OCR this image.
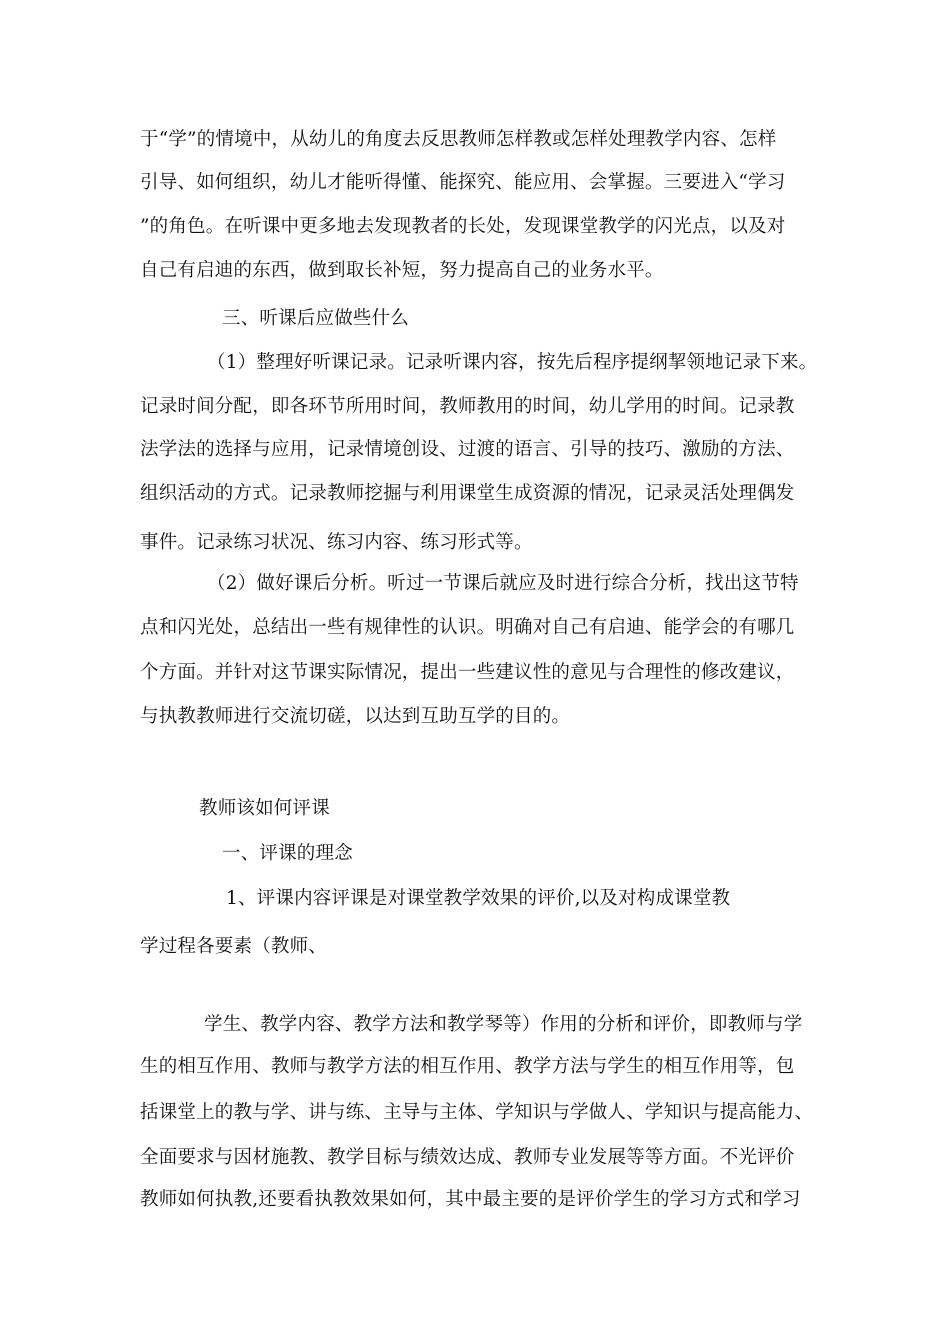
于“学”的情境中，从幼儿的角度去反思教师怎样教或怎样处理教学内容、怎样
引导、如何组织，幼儿才能听得懂、能探究、能应用、会掌握。三要进入“学习
”的角色。在听课中更多地去发现教者的长处，发现课堂教学的闪光点，以及对
自己有启迪的东西，做到取长补短，努力提高自己的业务水平。
三、听课后应做些什么
（1）整理好听课记录。记录听课内容，按先后程序提纲挈领地记录下来。
记录时间分配，即各环节所用时间，教师教用的时间，幼儿学用的时间。记录教
法学法的选择与应用，记录情境创设、过渡的语言、引导的技巧、激励的方法、
组织活动的方式。记录教师挖掘与利用课堂生成资源的情况，记录灵活处理偶发
事件。记录练习状况、练习内容、练习形式等。
（2）做好课后分析。听过一节课后就应及时进行综合分析，找出这节特
点和闪光处，总结出一些有规律性的认识。明确对自己有启迪、能学会的有哪几
个方面。并针对这节课实际情况，提出一些建议性的意见与合理性的修改建议，
与执教教师进行交流切磋，以达到互助互学的目的。
教师该如何评课
一、评课的理念
1、评课内容评课是对课堂教学效果的评价,以及对构成课堂教
学过程各要素（教师、
学生、教学内容、教学方法和教学琴等）作用的分析和评价，即教师与学
生的相互作用、教师与教学方法的相互作用、教学方法与学生的相互作用等，包
括课堂上的教与学、讲与练、主导与主体、学知识与学做人、学知识与提高能力、
全面要求与因材施教、教学目标与绩效达成、教师专业发展等等方面。不光评价
教师如何执教,还要看执教效果如何，其中最主要的是评价学生的学习方式和学习
